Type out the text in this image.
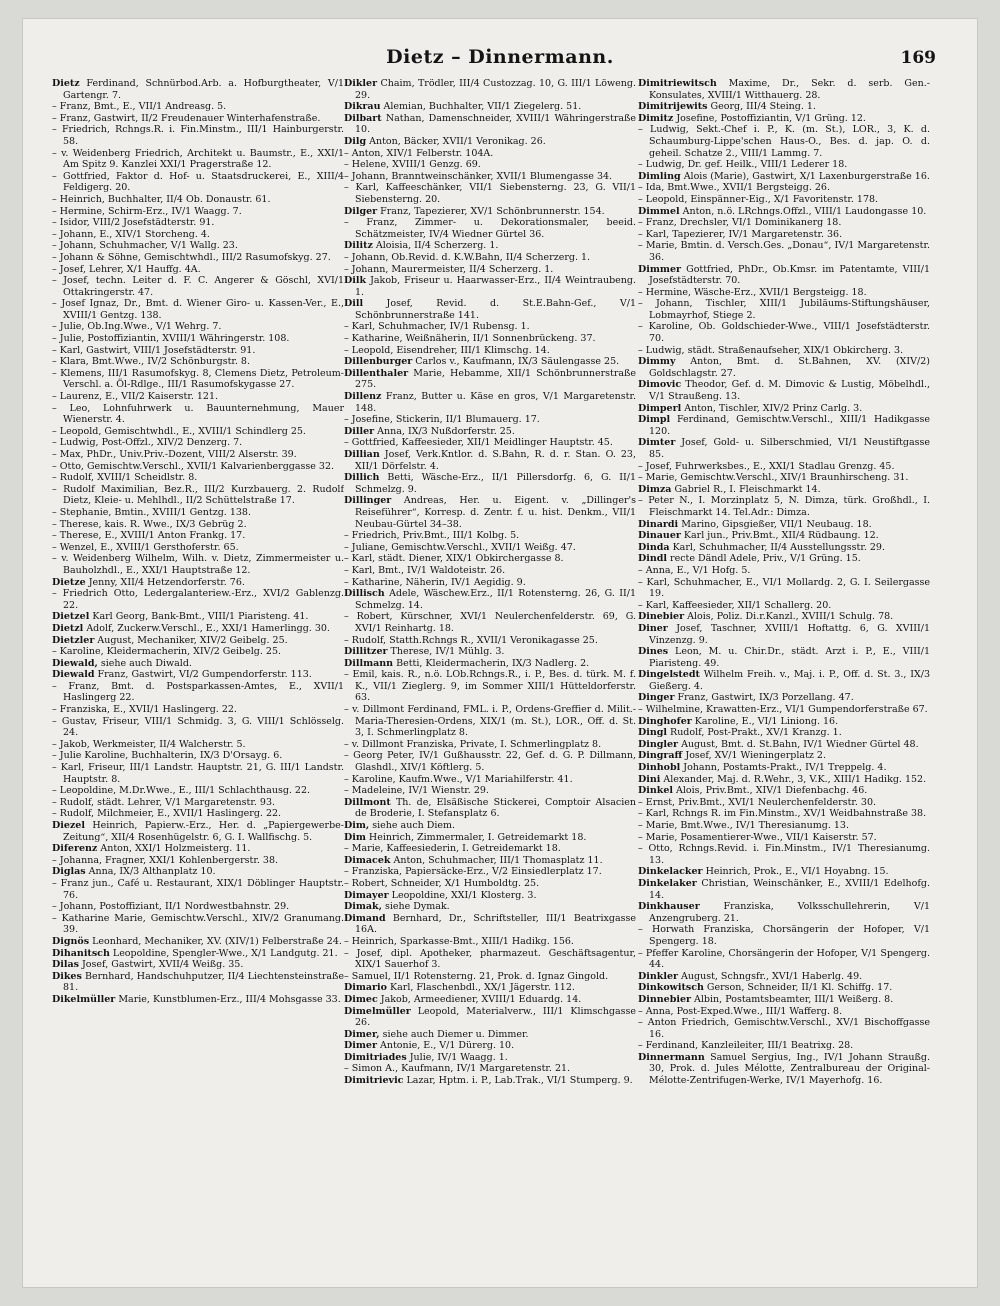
Dietz – Dinnermann.	169

Dietz Ferdinand, Schnürbod.Arb. a. Hofburgtheater, V/1 Gartengr. 7.

– Franz, Bmt., E., VII/1 Andreasg. 5.

– Franz, Gastwirt, II/2 Freudenauer Winterhafenstraße.

– Friedrich, Rchngs.R. i. Fin.Minstm., III/1 Hainburgerstr. 58.

– v. Weidenberg Friedrich, Architekt u. Baumstr., E., XXI/1 Am Spitz 9. Kanzlei XXI/1 Pragerstraße 12.

– Gottfried, Faktor d. Hof- u. Staatsdruckerei, E., XIII/4 Feldigerg. 20.

– Heinrich, Buchhalter, II/4 Ob. Donaustr. 61.

– Hermine, Schirm-Erz., IV/1 Waagg. 7.

– Isidor, VIII/2 Josefstädterstr. 91.

– Johann, E., XIV/1 Storcheng. 4.

– Johann, Schuhmacher, V/1 Wallg. 23.

– Johann & Söhne, Gemischtwhdl., III/2 Rasumofskyg. 27.

– Josef, Lehrer, X/1 Hauffg. 4A.

– Josef, techn. Leiter d. F. C. Angerer & Göschl, XVI/1 Ottakringerstr. 47.

– Josef Ignaz, Dr., Bmt. d. Wiener Giro- u. Kassen-Ver., E., XVIII/1 Gentzg. 138.

– Julie, Ob.Ing.Wwe., V/1 Wehrg. 7.

– Julie, Postoffiziantin, XVIII/1 Währingerstr. 108.

– Karl, Gastwirt, VIII/1 Josefstädterstr. 91.

– Klara, Bmt.Wwe., IV/2 Schönburgstr. 8.

– Klemens, III/1 Rasumofskyg. 8, Clemens Dietz, Petroleum-Verschl. a. Öl-Rdlge., III/1 Rasumofskygasse 27.

– Laurenz, E., VII/2 Kaiserstr. 121.

– Leo, Lohnfuhrwerk u. Bauunternehmung, Mauer Wienerstr. 4.

– Leopold, Gemischtwhdl., E., XVIII/1 Schindlerg 25.

– Ludwig, Post-Offzl., XIV/2 Denzerg. 7.

– Max, PhDr., Univ.Priv.-Dozent, VIII/2 Alserstr. 39.

– Otto, Gemischtw.Verschl., XVII/1 Kalvarienberggasse 32.

– Rudolf, XVIII/1 Scheidlstr. 8.

– Rudolf Maximilian, Bez.R., III/2 Kurzbauerg. 2. Rudolf Dietz, Kleie- u. Mehlhdl., II/2 Schüttelstraße 17.

– Stephanie, Bmtin., XVIII/1 Gentzg. 138.

– Therese, kais. R. Wwe., IX/3 Gebrüg 2.

– Therese, E., XVIII/1 Anton Frankg. 17.

– Wenzel, E., XVIII/1 Gersthoferstr. 65.

– v. Weidenberg Wilhelm, Wilh. v. Dietz, Zimmermeister u. Bauholzhdl., E., XXI/1 Hauptstraße 12.

Dietze Jenny, XII/4 Hetzendorferstr. 76.

– Friedrich Otto, Ledergalanteriew.-Erz., XVI/2 Gablenzg. 22.

Dietzel Karl Georg, Bank-Bmt., VIII/1 Piaristeng. 41.

Dietzl Adolf, Zuckerw.Verschl., E., XXI/1 Hamerlingg. 30.

Dietzler August, Mechaniker, XIV/2 Geibelg. 25.

– Karoline, Kleidermacherin, XIV/2 Geibelg. 25.

Diewald, siehe auch Diwald.

Diewald Franz, Gastwirt, VI/2 Gumpendorferstr. 113.

– Franz, Bmt. d. Postsparkassen-Amtes, E., XVII/1 Haslingerg 22.

– Franziska, E., XVII/1 Haslingerg. 22.

– Gustav, Friseur, VIII/1 Schmidg. 3, G. VIII/1 Schlösselg. 24.

– Jakob, Werkmeister, II/4 Walcherstr. 5.

– Julie Karoline, Buchhalterin, IX/3 D'Orsayg. 6.

– Karl, Friseur, III/1 Landstr. Hauptstr. 21, G. III/1 Landstr. Hauptstr. 8.

– Leopoldine, M.Dr.Wwe., E., III/1 Schlachthausg. 22.

– Rudolf, städt. Lehrer, V/1 Margaretenstr. 93.

– Rudolf, Milchmeier, E., XVII/1 Haslingerg. 22.

Diezel Heinrich, Papierw.-Erz., Her. d. „Papiergewerbe-Zeitung“, XII/4 Rosenhügelstr. 6, G. I. Wallfischg. 5.

Diferenz Anton, XXI/1 Holzmeisterg. 11.

– Johanna, Fragner, XXI/1 Kohlenbergerstr. 38.

Diglas Anna, IX/3 Althanplatz 10.

– Franz jun., Café u. Restaurant, XIX/1 Döblinger Hauptstr. 76.

– Johann, Postoffiziant, II/1 Nordwestbahnstr. 29.

– Katharine Marie, Gemischtw.Verschl., XIV/2 Granumang. 39.

Dignös Leonhard, Mechaniker, XV. (XIV/1) Felberstraße 24.

Dihanitsch Leopoldine, Spengler-Wwe., X/1 Landgutg. 21.

Dilas Josef, Gastwirt, XVII/4 Weißg. 35.

Dikes Bernhard, Handschuhputzer, II/4 Liechtensteinstraße 81.

Dikelmüller Marie, Kunstblumen-Erz., III/4 Mohsgasse 33.

Dikler Chaim, Trödler, III/4 Custozzag. 10, G. III/1 Löweng. 29.

Dikrau Alemian, Buchhalter, VII/1 Ziegelerg. 51.

Dilbart Nathan, Damenschneider, XVIII/1 Währingerstraße 10.

Dilg Anton, Bäcker, XVII/1 Veronikag. 26.

– Anton, XIV/1 Felberstr. 104A.

– Helene, XVIII/1 Genzg. 69.

– Johann, Branntweinschänker, XVII/1 Blumengasse 34.

– Karl, Kaffeeschänker, VII/1 Siebensterng. 23, G. VII/1 Siebensterng. 20.

Dilger Franz, Tapezierer, XV/1 Schönbrunnerstr. 154.

– Franz, Zimmer- u. Dekorationsmaler, beeid. Schätzmeister, IV/4 Wiedner Gürtel 36.

Dilitz Aloisia, II/4 Scherzerg. 1.

– Johann, Ob.Revid. d. K.W.Bahn, II/4 Scherzerg. 1.

– Johann, Maurermeister, II/4 Scherzerg. 1.

Dilk Jakob, Friseur u. Haarwasser-Erz., II/4 Weintraubeng. 1.

Dill Josef, Revid. d. St.E.Bahn-Gef., V/1 Schönbrunnerstraße 141.

– Karl, Schuhmacher, IV/1 Rubensg. 1.

– Katharine, Weißnäherin, II/1 Sonnenbrückeng. 37.

– Leopold, Eisendreher, III/1 Klimschg. 14.

Dillenburger Carlos v., Kaufmann, IX/3 Säulengasse 25.

Dillenthaler Marie, Hebamme, XII/1 Schönbrunnerstraße 275.

Dillenz Franz, Butter u. Käse en gros, V/1 Margaretenstr. 148.

– Josefine, Stickerin, II/1 Blumauerg. 17.

Diller Anna, IX/3 Nußdorferstr. 25.

– Gottfried, Kaffeesieder, XII/1 Meidlinger Hauptstr. 45.

Dillian Josef, Verk.Kntlor. d. S.Bahn, R. d. r. Stan. O. 23, XII/1 Dörfelstr. 4.

Dillich Betti, Wäsche-Erz., II/1 Pillersdorfg. 6, G. II/1 Schmelzg. 9.

Dillinger Andreas, Her. u. Eigent. v. „Dillinger's Reiseführer“, Korresp. d. Zentr. f. u. hist. Denkm., VII/1 Neubau-Gürtel 34–38.

– Friedrich, Priv.Bmt., III/1 Kolbg. 5.

– Juliane, Gemischtw.Verschl., XVII/1 Weißg. 47.

– Karl, städt. Diener, XIX/1 Obkirchergasse 8.

– Karl, Bmt., IV/1 Waldoteistr. 26.

– Katharine, Näherin, IV/1 Aegidig. 9.

Dillisch Adele, Wäschew.Erz., II/1 Rotensterng. 26, G. II/1 Schmelzg. 14.

– Robert, Kürschner, XVI/1 Neulerchenfelderstr. 69, G. XVI/1 Reinhartg. 18.

– Rudolf, Statth.Rchngs R., XVII/1 Veronikagasse 25.

Dillitzer Therese, IV/1 Mühlg. 3.

Dillmann Betti, Kleidermacherin, IX/3 Nadlerg. 2.

– Emil, kais. R., n.ö. LOb.Rchngs.R., i. P., Bes. d. türk. M. f. K., VII/1 Zieglerg. 9, im Sommer XIII/1 Hütteldorferstr. 63.

– v. Dillmont Ferdinand, FML. i. P., Ordens-Greffier d. Milit.-Maria-Theresien-Ordens, XIX/1 (m. St.), LOR., Off. d. St. 3, I. Schmerlingplatz 8.

– v. Dillmont Franziska, Private, I. Schmerlingplatz 8.

– Georg Peter, IV/1 Gußhausstr. 22, Gef. d. G. P. Dillmann, Glashdl., XIV/1 Köftlerg. 5.

– Karoline, Kaufm.Wwe., V/1 Mariahilferstr. 41.

– Madeleine, IV/1 Wienstr. 29.

Dillmont Th. de, Elsäßische Stickerei, Comptoir Alsacien de Broderie, I. Stefansplatz 6.

Dim, siehe auch Diem.

Dim Heinrich, Zimmermaler, I. Getreidemarkt 18.

– Marie, Kaffeesiederin, I. Getreidemarkt 18.

Dimacek Anton, Schuhmacher, III/1 Thomasplatz 11.

– Franziska, Papiersäcke-Erz., V/2 Einsiedlerplatz 17.

– Robert, Schneider, X/1 Humboldtg. 25.

Dimayer Leopoldine, XXI/1 Klosterg. 3.

Dimak, siehe Dymak.

Dimand Bernhard, Dr., Schriftsteller, III/1 Beatrixgasse 16A.

– Heinrich, Sparkasse-Bmt., XIII/1 Hadikg. 156.

– Josef, dipl. Apotheker, pharmazeut. Geschäftsagentur, XIX/1 Sauerhof 3.

– Samuel, II/1 Rotensterng. 21, Prok. d. Ignaz Gingold.

Dimario Karl, Flaschenbdl., XX/1 Jägerstr. 112.

Dimec Jakob, Armeediener, XVIII/1 Eduardg. 14.

Dimelmüller Leopold, Materialverw., III/1 Klimschgasse 26.

Dimer, siehe auch Diemer u. Dimmer.

Dimer Antonie, E., V/1 Dürerg. 10.

Dimitriades Julie, IV/1 Waagg. 1.

– Simon A., Kaufmann, IV/1 Margaretenstr. 21.

Dimitrievic Lazar, Hptm. i. P., Lab.Trak., VI/1 Stumperg. 9.

Dimitriewitsch Maxime, Dr., Sekr. d. serb. Gen.-Konsulates, XVIII/1 Witthauerg. 28.

Dimitrijewits Georg, III/4 Steing. 1.

Dimitz Josefine, Postoffiziantin, V/1 Grüng. 12.

– Ludwig, Sekt.-Chef i. P., K. (m. St.), LOR., 3, K. d. Schaumburg-Lippe'schen Haus-O., Bes. d. jap. O. d. geheil. Schatze 2., VIII/1 Lammg. 7.

– Ludwig, Dr. gef. Heilk., VIII/1 Lederer 18.

Dimling Alois (Marie), Gastwirt, X/1 Laxenburgerstraße 16.

– Ida, Bmt.Wwe., XVII/1 Bergsteigg. 26.

– Leopold, Einspänner-Eig., X/1 Favoritenstr. 178.

Dimmel Anton, n.ö. LRchngs.Offzl., VIII/1 Laudongasse 10.

– Franz, Drechsler, VI/1 Dominikanerg 18.

– Karl, Tapezierer, IV/1 Margaretenstr. 36.

– Marie, Bmtin. d. Versch.Ges. „Donau“, IV/1 Margaretenstr. 36.

Dimmer Gottfried, PhDr., Ob.Kmsr. im Patentamte, VIII/1 Josefstädterstr. 70.

– Hermine, Wäsche-Erz., XVII/1 Bergsteigg. 18.

– Johann, Tischler, XIII/1 Jubiläums-Stiftungshäuser, Lobmayrhof, Stiege 2.

– Karoline, Ob. Goldschieder-Wwe., VIII/1 Josefstädterstr. 70.

– Ludwig, städt. Straßenaufseher, XIX/1 Obkircherg. 3.

Dimmy Anton, Bmt. d. St.Bahnen, XV. (XIV/2) Goldschlagstr. 27.

Dimovic Theodor, Gef. d. M. Dimovic & Lustig, Möbelhdl., V/1 Straußeng. 13.

Dimperl Anton, Tischler, XIV/2 Prinz Carlg. 3.

Dimpl Ferdinand, Gemischtw.Verschl., XIII/1 Hadikgasse 120.

Dimter Josef, Gold- u. Silberschmied, VI/1 Neustiftgasse 85.

– Josef, Fuhrwerksbes., E., XXI/1 Stadlau Grenzg. 45.

– Marie, Gemischtw.Verschl., XIV/1 Braunhirscheng. 31.

Dimza Gabriel R., I. Fleischmarkt 14.

– Peter N., I. Morzinplatz 5, N. Dimza, türk. Großhdl., I. Fleischmarkt 14. Tel.Adr.: Dimza.

Dinardi Marino, Gipsgießer, VII/1 Neubaug. 18.

Dinauer Karl jun., Priv.Bmt., XII/4 Rüdbaung. 12.

Dinda Karl, Schuhmacher, II/4 Ausstellungsstr. 29.

Dindl recte Dändl Adele, Priv., V/1 Grüng. 15.

– Anna, E., V/1 Hofg. 5.

– Karl, Schuhmacher, E., VI/1 Mollardg. 2, G. I. Seilergasse 19.

– Karl, Kaffeesieder, XII/1 Schallerg. 20.

Dinebier Alois, Poliz. Di.r.Kanzl., XVIII/1 Schulg. 78.

Diner Josef, Taschner, XVIII/1 Hoftattg. 6, G. XVIII/1 Vinzenzg. 9.

Dines Leon, M. u. Chir.Dr., städt. Arzt i. P., E., VIII/1 Piaristeng. 49.

Dingelstedt Wilhelm Freih. v., Maj. i. P., Off. d. St. 3., IX/3 Gießerg. 4.

Dinger Franz, Gastwirt, IX/3 Porzellang. 47.

– Wilhelmine, Krawatten-Erz., VI/1 Gumpendorferstraße 67.

Dinghofer Karoline, E., VI/1 Liniong. 16.

Dingl Rudolf, Post-Prakt., XV/1 Kranzg. 1.

Dingler August, Bmt. d. St.Bahn, IV/1 Wiedner Gürtel 48.

Dingraff Josef, XV/1 Wieningerplatz 2.

Dinhobl Johann, Postamts-Prakt., IV/1 Treppelg. 4.

Dini Alexander, Maj. d. R.Wehr., 3, V.K., XIII/1 Hadikg. 152.

Dinkel Alois, Priv.Bmt., XIV/1 Diefenbachg. 46.

– Ernst, Priv.Bmt., XVI/1 Neulerchenfelderstr. 30.

– Karl, Rchngs R. im Fin.Minstm., XV/1 Weidbahnstraße 38.

– Marie, Bmt.Wwe., IV/1 Theresianumg. 13.

– Marie, Posamentierer-Wwe., VII/1 Kaiserstr. 57.

– Otto, Rchngs.Revid. i. Fin.Minstm., IV/1 Theresianumg. 13.

Dinkelacker Heinrich, Prok., E., VI/1 Hoyabng. 15.

Dinkelaker Christian, Weinschänker, E., XVIII/1 Edelhofg. 14.

Dinkhauser Franziska, Volksschullehrerin, V/1 Anzengruberg. 21.

– Horwath Franziska, Chorsängerin der Hofoper, V/1 Spengerg. 18.

– Pfeffer Karoline, Chorsängerin der Hofoper, V/1 Spengerg. 44.

Dinkler August, Schngsfr., XVI/1 Haberlg. 49.

Dinkowitsch Gerson, Schneider, II/1 Kl. Schiffg. 17.

Dinnebier Albin, Postamtsbeamter, III/1 Weißerg. 8.

– Anna, Post-Exped.Wwe., III/1 Wafferg. 8.

– Anton Friedrich, Gemischtw.Verschl., XV/1 Bischoffgasse 16.

– Ferdinand, Kanzleileiter, III/1 Beatrixg. 28.

Dinnermann Samuel Sergius, Ing., IV/1 Johann Straußg. 30, Prok. d. Jules Mélotte, Zentralbureau der Original-Mélotte-Zentrifugen-Werke, IV/1 Mayerhofg. 16.
